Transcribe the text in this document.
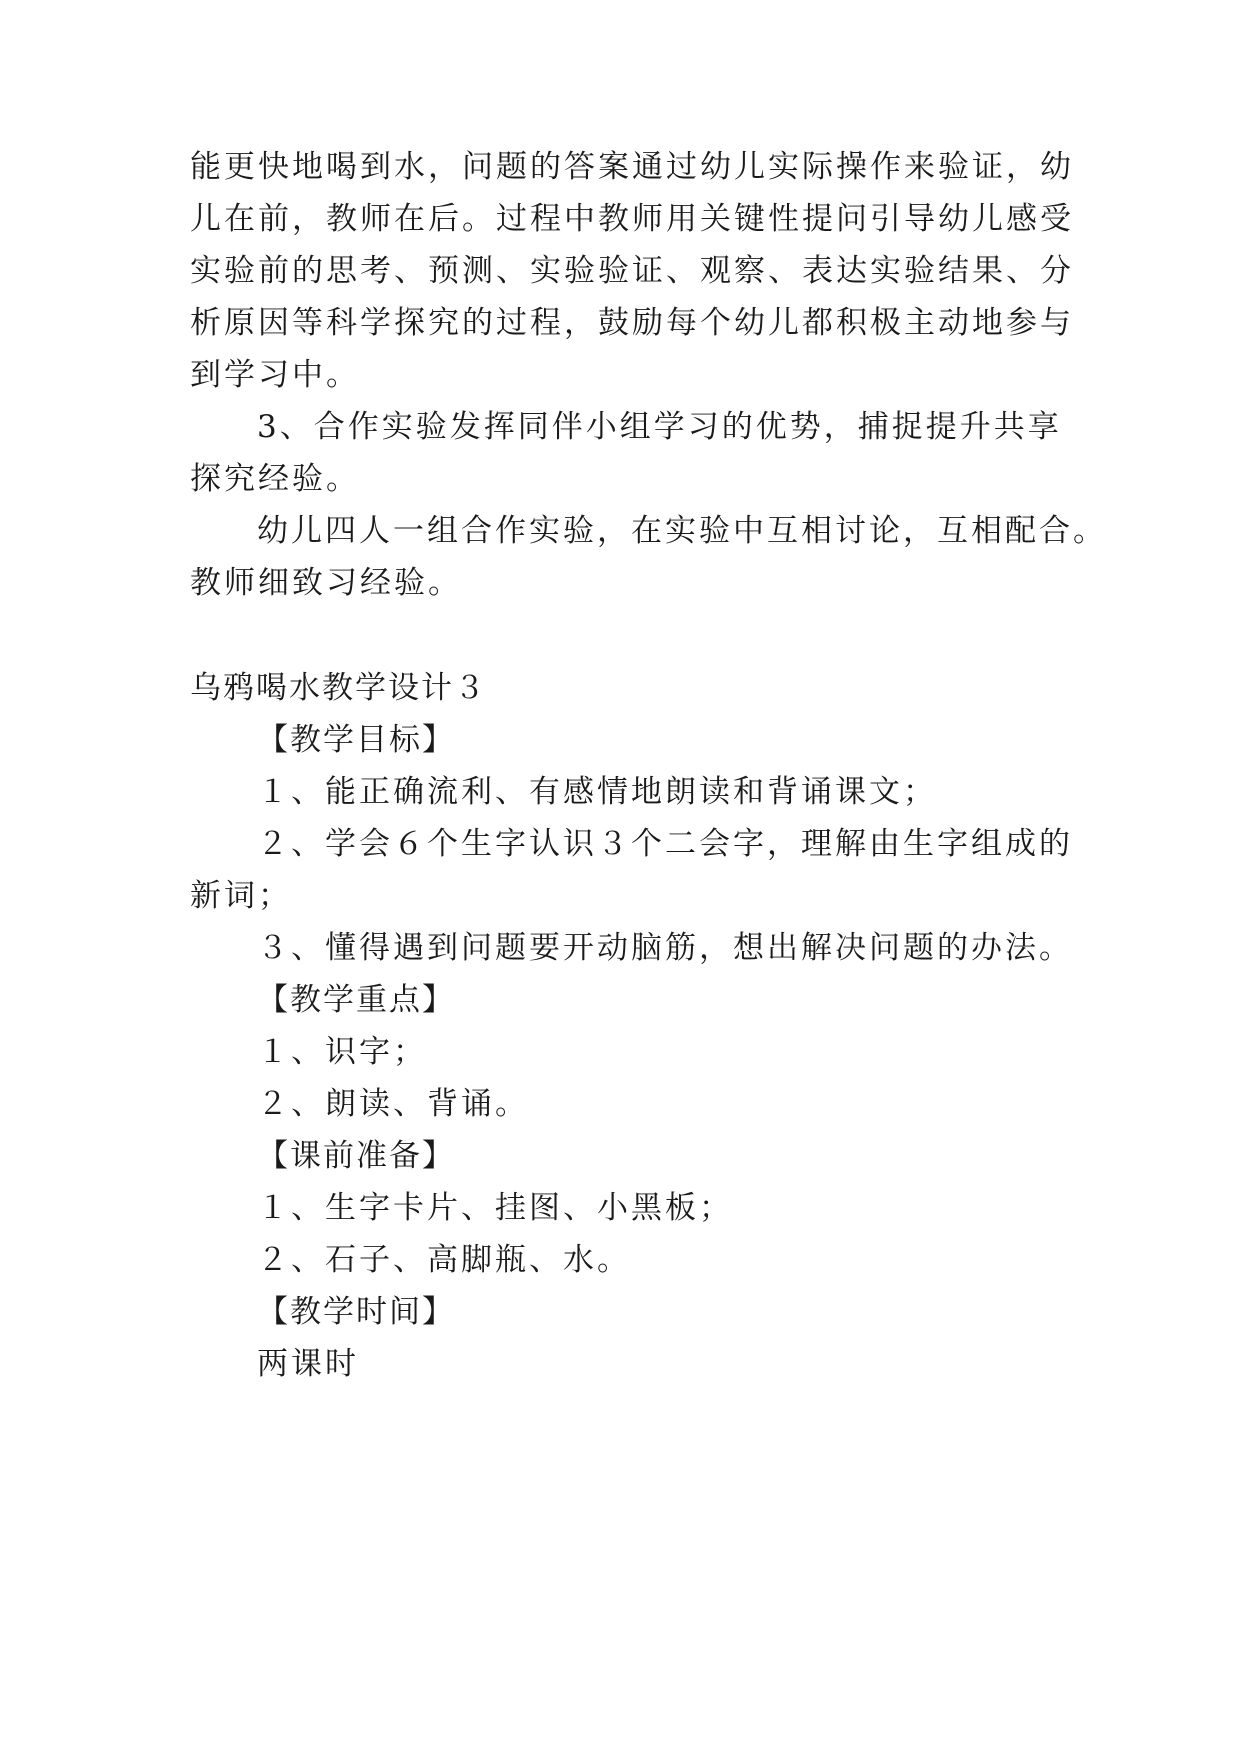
能更快地喝到水，问题的答案通过幼儿实际操作来验证，幼
儿在前，教师在后。过程中教师用关键性提问引导幼儿感受
实验前的思考、预测、实验验证、观察、表达实验结果、分
析原因等科学探究的过程，鼓励每个幼儿都积极主动地参与
到学习中。
3、合作实验发挥同伴小组学习的优势，捕捉提升共享
探究经验。
幼儿四人一组合作实验，在实验中互相讨论，互相配合。
教师细致习经验。
乌鸦喝水教学设计３
【教学目标】
１、能正确流利、有感情地朗读和背诵课文；
２、学会６个生字认识３个二会字，理解由生字组成的
新词；
３、懂得遇到问题要开动脑筋，想出解决问题的办法。
【教学重点】
１、识字；
２、朗读、背诵。
【课前准备】
１、生字卡片、挂图、小黑板；
２、石子、高脚瓶、水。
【教学时间】
两课时
